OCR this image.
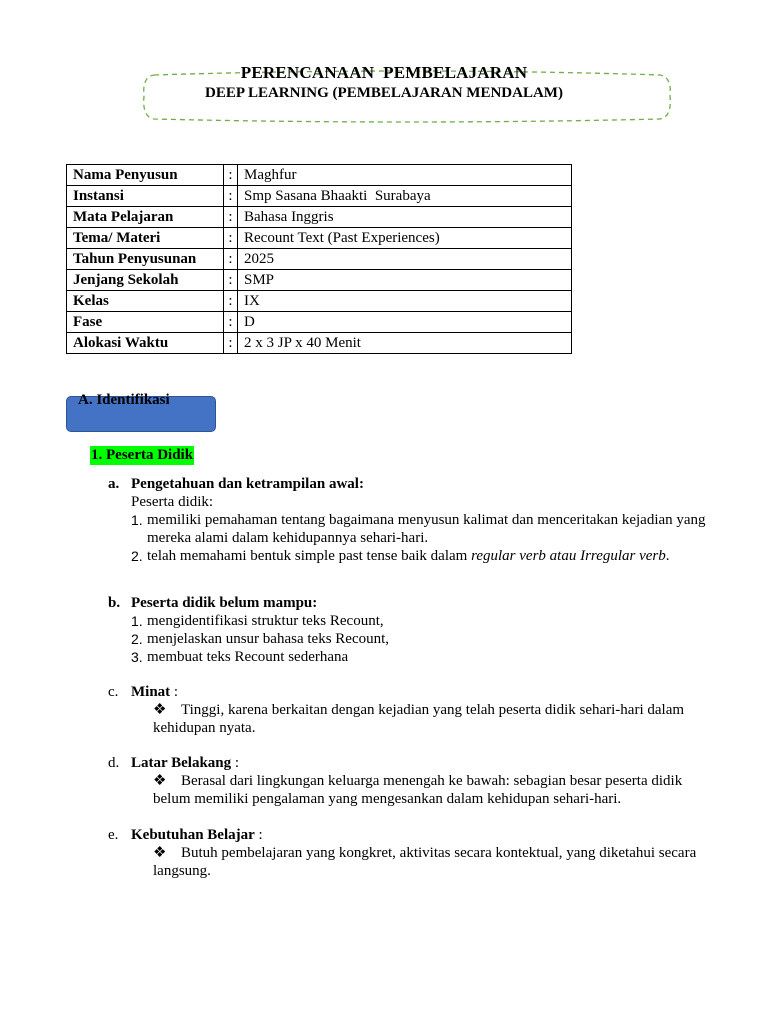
PERENCANAAN  PEMBELAJARAN
DEEP LEARNING (PEMBELAJARAN MENDALAM)
Nama Penyusun	:	Maghfur
Instansi	:	Smp Sasana Bhaakti  Surabaya
Mata Pelajaran	:	Bahasa Inggris
Tema/ Materi	:	Recount Text (Past Experiences)
Tahun Penyusunan	:	2025
Jenjang Sekolah	:	SMP
Kelas	:	IX
Fase	:	D
Alokasi Waktu	:	2 x 3 JP x 40 Menit
A. Identifikasi
1. Peserta Didik
a. Pengetahuan dan ketrampilan awal:
Peserta didik:
1. memiliki pemahaman tentang bagaimana menyusun kalimat dan menceritakan kejadian yang
mereka alami dalam kehidupannya sehari-hari.
2. telah memahami bentuk simple past tense baik dalam regular verb atau Irregular verb.
b. Peserta didik belum mampu:
1. mengidentifikasi struktur teks Recount,
2. menjelaskan unsur bahasa teks Recount,
3. membuat teks Recount sederhana
c. Minat :
❖ Tinggi, karena berkaitan dengan kejadian yang telah peserta didik sehari-hari dalam kehidupan nyata.
d. Latar Belakang :
❖ Berasal dari lingkungan keluarga menengah ke bawah: sebagian besar peserta didik belum memiliki pengalaman yang mengesankan dalam kehidupan sehari-hari.
e. Kebutuhan Belajar :
❖ Butuh pembelajaran yang kongkret, aktivitas secara kontektual, yang diketahui secara langsung.
